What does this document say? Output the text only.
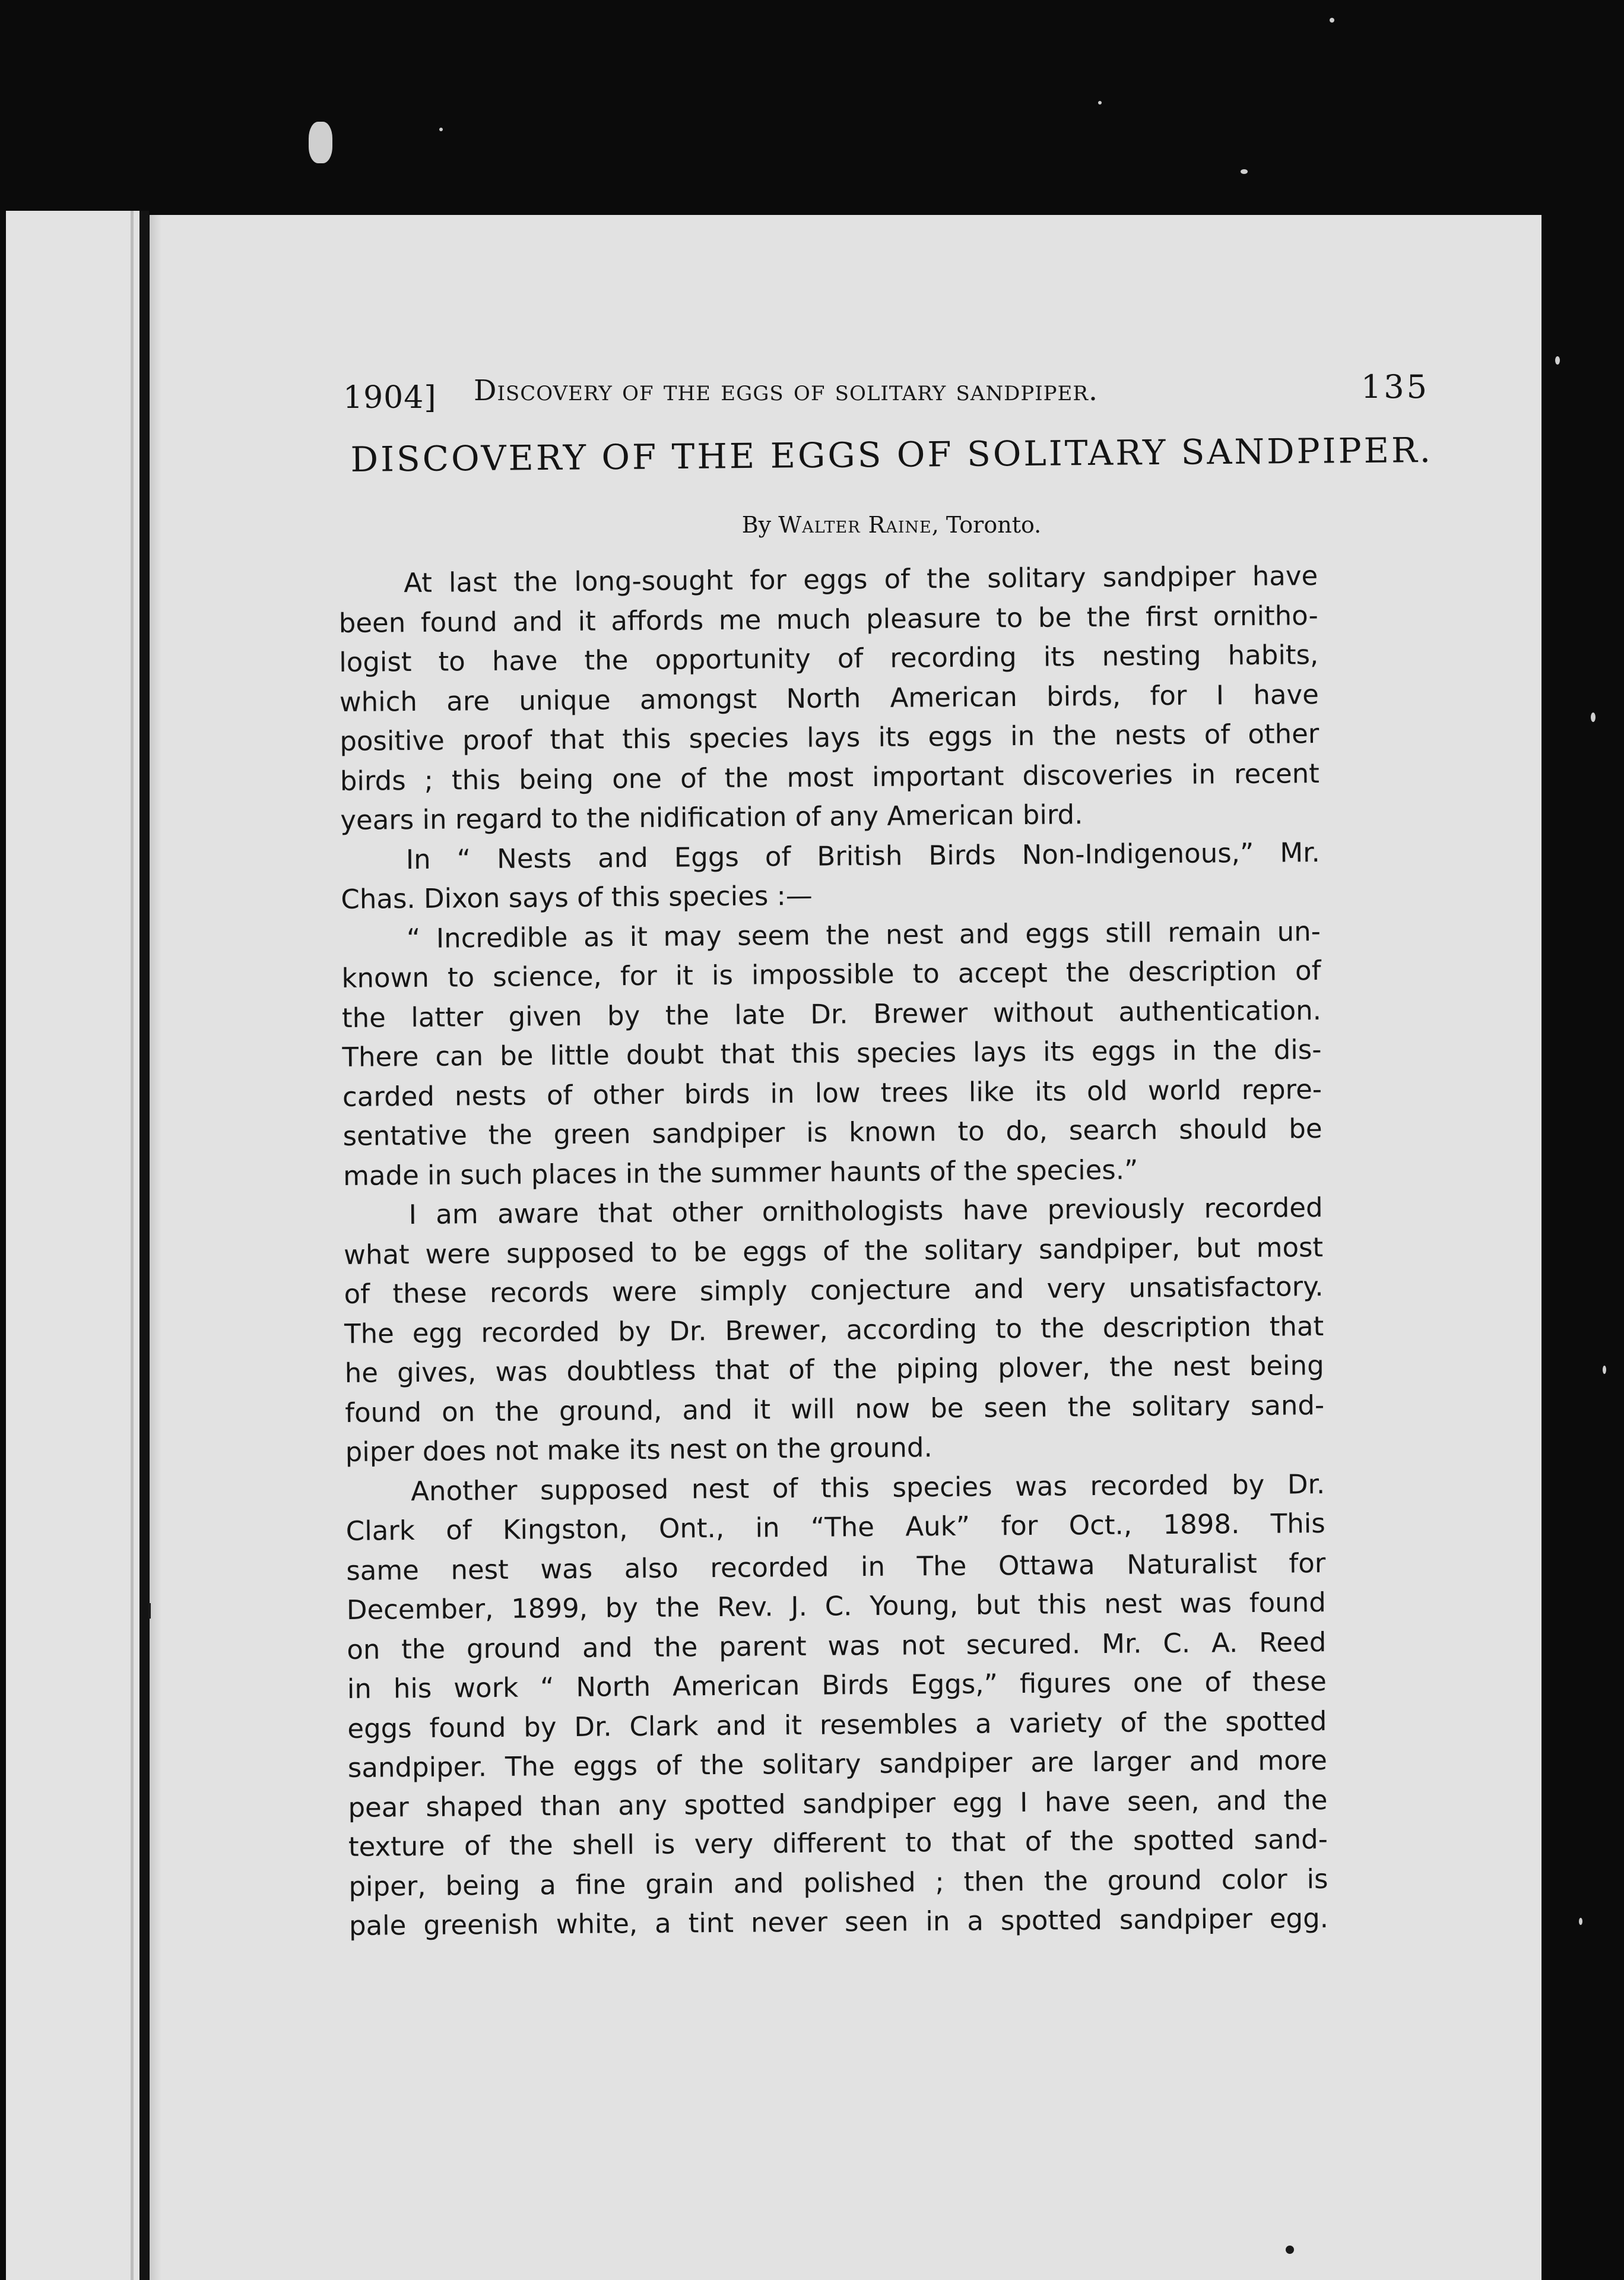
1904] Discovery of the eggs of solitary sandpiper.	135
DISCOVERY OF THE EGGS OF SOLITARY SANDPIPER.
By Walter Raine, Toronto.
At last the long-sought for eggs of the solitary sandpiper have
been found and it affords me much pleasure to be the first ornitho-
logist to have the opportunity of recording its nesting habits,
which are unique amongst North American birds, for I have
positive proof that this species lays its eggs in the nests of other
birds ; this being one of the most important discoveries in recent
years in regard to the nidification of any American bird.
In “ Nests and Eggs of British Birds Non-Indigenous,” Mr.
Chas. Dixon says of this species :—
“ Incredible as it may seem the nest and eggs still remain un-
known to science, for it is impossible to accept the description of
the latter given by the late Dr. Brewer without authentication.
There can be little doubt that this species lays its eggs in the dis-
carded nests of other birds in low trees like its old world repre-
sentative the green sandpiper is known to do, search should be
made in such places in the summer haunts of the species.”
I am aware that other ornithologists have previously recorded
what were supposed to be eggs of the solitary sandpiper, but most
of these records were simply conjecture and very unsatisfactory.
The egg recorded by Dr. Brewer, according to the description that
he gives, was doubtless that of the piping plover, the nest being
found on the ground, and it will now be seen the solitary sand-
piper does not make its nest on the ground.
Another supposed nest of this species was recorded by Dr.
Clark of Kingston, Ont., in “The Auk” for Oct., 1898. This
same nest was also recorded in The Ottawa Naturalist for
December, 1899, by the Rev. J. C. Young, but this nest was found
on the ground and the parent was not secured. Mr. C. A. Reed
in his work “ North American Birds Eggs,” figures one of these
eggs found by Dr. Clark and it resembles a variety of the spotted
sandpiper. The eggs of the solitary sandpiper are larger and more
pear shaped than any spotted sandpiper egg I have seen, and the
texture of the shell is very different to that of the spotted sand-
piper, being a fine grain and polished ; then the ground color is
pale greenish white, a tint never seen in a spotted sandpiper egg.
